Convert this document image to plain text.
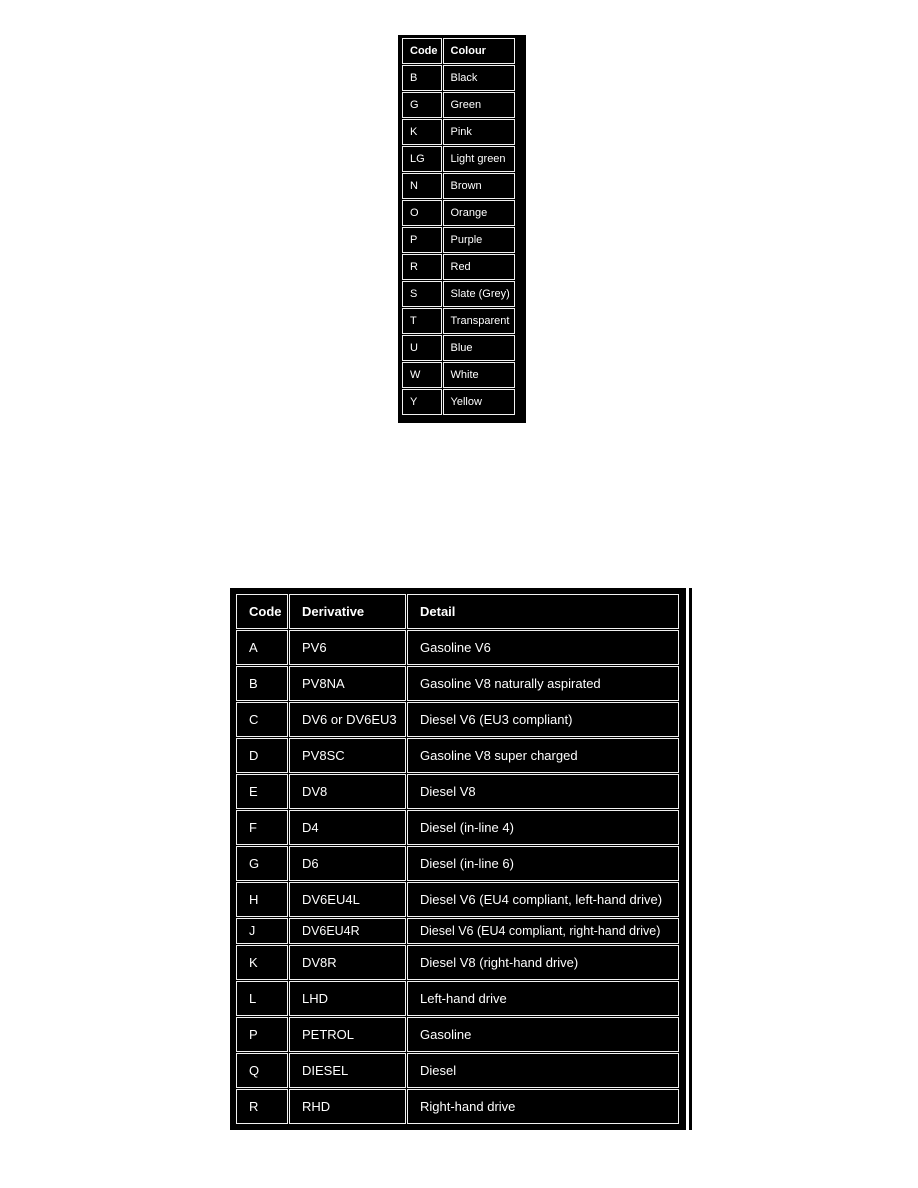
Code	Colour
B	Black
G	Green
K	Pink
LG	Light green
N	Brown
O	Orange
P	Purple
R	Red
S	Slate (Grey)
T	Transparent
U	Blue
W	White
Y	Yellow
Code	Derivative	Detail
A	PV6	Gasoline V6
B	PV8NA	Gasoline V8 naturally aspirated
C	DV6 or DV6EU3	Diesel V6 (EU3 compliant)
D	PV8SC	Gasoline V8 super charged
E	DV8	Diesel V8
F	D4	Diesel (in-line 4)
G	D6	Diesel (in-line 6)
H	DV6EU4L	Diesel V6 (EU4 compliant, left-hand drive)
J	DV6EU4R	Diesel V6 (EU4 compliant, right-hand drive)
K	DV8R	Diesel V8 (right-hand drive)
L	LHD	Left-hand drive
P	PETROL	Gasoline
Q	DIESEL	Diesel
R	RHD	Right-hand drive
